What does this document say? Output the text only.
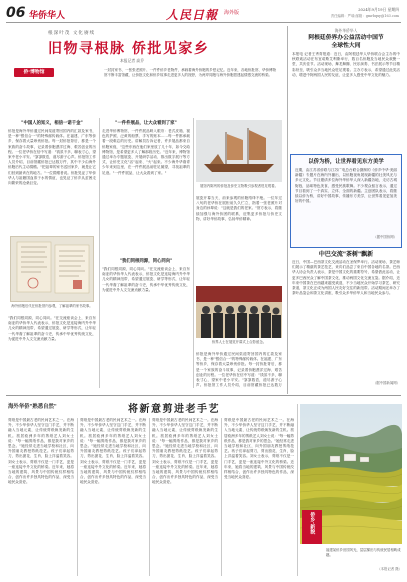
06 华侨华人	人民日報 海外版
2024年9月19日 星期四
责任编辑：严瑜 邮箱：gmrbqxy@163.com
根深叶茂 文化赓续
旧物寻根脉 侨批见家乡
本报记者 高乔
侨·博物馆	一封封家书、一张张老照片、一件件侨乡老物件，承载着海外侨胞的乡愁记忆。近年来，各地侨批馆、华侨博物馆不断丰富馆藏，让侨批文化和侨乡故事走进更多人的视野，为两岸同胞与海外侨胞搭建起情感交流的桥梁。
"中国人的知义，相信一诺千金"
侨批是海外华侨通过民间渠道寄回国内的汇款及家书，是一种"银信合一"的特殊邮传载体。在福建、广东等侨乡，保存着大量珍贵侨批。每一封侨批背后，都是一个家族的奋斗故事，记录着侨胞漂洋过海、艰苦创业的历程。一位老华侨在信中写道："钱虽不多，聊表寸心，望家中老小平安。"寥寥数语，道尽游子心声。侨批馆工作人员介绍，目前馆藏侨批已达数万件，其中不少由海外侨胞后代主动捐赠。"把祖辈的家书送回家乡，就是让它们回到最该在的地方。"一位捐赠者说。侨批见证了华侨华人与祖籍国血浓于水的情谊，也见证了侨乡从贫困走向繁荣的沧桑巨变。
海外侨胞后代在侨批馆内参观，了解祖辈的家书故事。
"我们同根同源，同心同向。"在交流座谈会上，来自东南亚的华侨华人代表表示，侨批文化是连接海内外中华儿女的精神纽带，希望通过展览、研学等形式，让年轻一代华裔了解祖辈的奋斗史，传承中华优秀传统文化，为促进中外人文交流贡献力量。
"一件件展品，让大众看到了家"
走进华侨博物馆，一件件展品映入眼帘：老式皮箱、褪色的护照、泛黄的船票、手写的账本……每一件都承载着一段难忘的历史。讲解员告诉记者，许多展品都来自侨胞家庭，"这些东西在他们家里放了几十年，如今交给博物馆，是希望更多人了解那段历史。"近年来，博物馆通过举办专题展览、开展研学活动、推出数字展厅等方式，让侨史文化"活"起来、"火"起来。不少海外华裔青少年来到这里，在一件件展品前驻足凝望，寻找祖辈的足迹。"一件件展品，让大众看到了家。"
"我们同根同源，同心同向"
"我们同根同源，同心同向。"在交流座谈会上，来自东南亚的华侨华人代表表示，侨批文化是连接海内外中华儿女的精神纽带，希望通过展览、研学等形式，让年轻一代华裔了解祖辈的奋斗史，传承中华优秀传统文化，为促进中外人文交流贡献力量。
展馆内陈列的侨批及侨史文物吸引参观者驻足观看。
展览开幕当天，前来参观的侨胞络绎不绝。一位年过八旬的老华侨在展柜前久久伫立，指着一张老照片对身边的孙辈说："这就是我们的老家。"馆方表示，将继续加强与海外侨团的联系，征集更多侨批与侨史文物，讲好华侨故事，弘扬华侨精神。
侨界人士在展览开幕式上合影留念。
侨批是海外华侨通过民间渠道寄回国内的汇款及家书，是一种"银信合一"的特殊邮传载体。在福建、广东等侨乡，保存着大量珍贵侨批。每一封侨批背后，都是一个家族的奋斗故事，记录着侨胞漂洋过海、艰苦创业的历程。一位老华侨在信中写道："钱虽不多，聊表寸心，望家中老小平安。"寥寥数语，道尽游子心声。侨批馆工作人员介绍，目前馆藏侨批已达数万
海外华侨华人
阿根廷侨界办公益活动中国节
全球性大同
本报电 记者王秀青报道：近日，由阿根廷华人华侨联合会主办的中秋联欢活动在布宜诺斯艾利斯举行，数百名侨胞及当地民众欢聚一堂，共庆佳节。活动现场，舞龙舞狮、民乐演奏、书法展示等节目精彩纷呈，吸引众多当地民众驻足观看。主办方表示，希望通过此类活动，增进中阿两国人民的友谊，让更多人感受中华文化的魅力。
以侨为桥，让世界看见东方美学
近期，由江苏省侨联与江苏广电总台联合摄制的《侨乡中华·美丽新疆》专题片在海内外播出，以侨胞视角展现新疆的壮美风光与多元文化。节目邀请多位海外华侨华人深入新疆各地，走访古城街巷，品味特色美食，感受民族歌舞。不少观众留言表示，通过节目看到了一个真实、立体、全面的新疆。主创团队表示，将继续以侨为桥，讲好中国故事，传播东方美学，让世界看见更加美好的中国。
（据中国侨网）
中巴交流"茶树"飘新
近日，中国—巴西茶文化交流活动在圣保罗举行。活动现场，茶艺师们展示了精湛的茶艺技艺，来宾们品尝了来自中国各地的名茶。巴西华人协会负责人表示，茶是中国文化的重要符号，希望借此活动，让更多巴西民众了解中国茶文化，推动两国文化交流互鉴。据介绍，近年来中国茶在巴西越来越受欢迎，不少当地民众开始学习茶艺、研究茶道，茶文化正成为两国人民友好交往的新纽带。活动期间还举办了茶叶品鉴会和茶文化讲座，吸引众多华侨华人和当地民众参与。
（据中国新闻网）
海外华侨"熟悉自然"	将新意剪进老手艺
剪纸是中国最古老的民间艺术之一。在海外，不少华侨华人坚守这门手艺，并不断融入当地元素，让传统剪纸焕发新的生机。旅居欧洲多年的剪纸艺人刘女士说："每一幅剪纸作品，都是我对家乡的思念。"她经常走进当地学校和社区，向外国朋友教授剪纸技艺。孩子们拿起剪刀，剪出窗花、生肖，脸上洋溢着笑容。刘女士表示，剪纸不仅是一门手艺，更是一座连接中外文化的桥梁。近年来，她将当地的建筑、风景与中国传统纹样相结合，创作出许多独具特色的作品，深受当地民众喜爱。
剪纸是中国最古老的民间艺术之一。在海外，不少华侨华人坚守这门手艺，并不断融入当地元素，让传统剪纸焕发新的生机。旅居欧洲多年的剪纸艺人刘女士说："每一幅剪纸作品，都是我对家乡的思念。"她经常走进当地学校和社区，向外国朋友教授剪纸技艺。孩子们拿起剪刀，剪出窗花、生肖，脸上洋溢着笑容。刘女士表示，剪纸不仅是一门手艺，更是一座连接中外文化的桥梁。近年来，她将当地的建筑、风景与中国传统纹样相结合，创作出许多独具特色的作品，深受当地民众喜爱。
剪纸是中国最古老的民间艺术之一。在海外，不少华侨华人坚守这门手艺，并不断融入当地元素，让传统剪纸焕发新的生机。旅居欧洲多年的剪纸艺人刘女士说："每一幅剪纸作品，都是我对家乡的思念。"她经常走进当地学校和社区，向外国朋友教授剪纸技艺。孩子们拿起剪刀，剪出窗花、生肖，脸上洋溢着笑容。刘女士表示，剪纸不仅是一门手艺，更是一座连接中外文化的桥梁。近年来，她将当地的建筑、风景与中国传统纹样相结合，创作出许多独具特色的作品，深受当地民众喜爱。
剪纸是中国最古老的民间艺术之一。在海外，不少华侨华人坚守这门手艺，并不断融入当地元素，让传统剪纸焕发新的生机。旅居欧洲多年的剪纸艺人刘女士说："每一幅剪纸作品，都是我对家乡的思念。"她经常走进当地学校和社区，向外国朋友教授剪纸技艺。孩子们拿起剪刀，剪出窗花、生肖，脸上洋溢着笑容。刘女士表示，剪纸不仅是一门手艺，更是一座连接中外文化的桥梁。近年来，她将当地的建筑、风景与中国传统纹样相结合，创作出许多独具特色的作品，深受当地民众喜爱。
侨乡·新貌
福建某侨乡田园风光，层层梯田与传统民居相映成趣。
（本报记者 摄）
